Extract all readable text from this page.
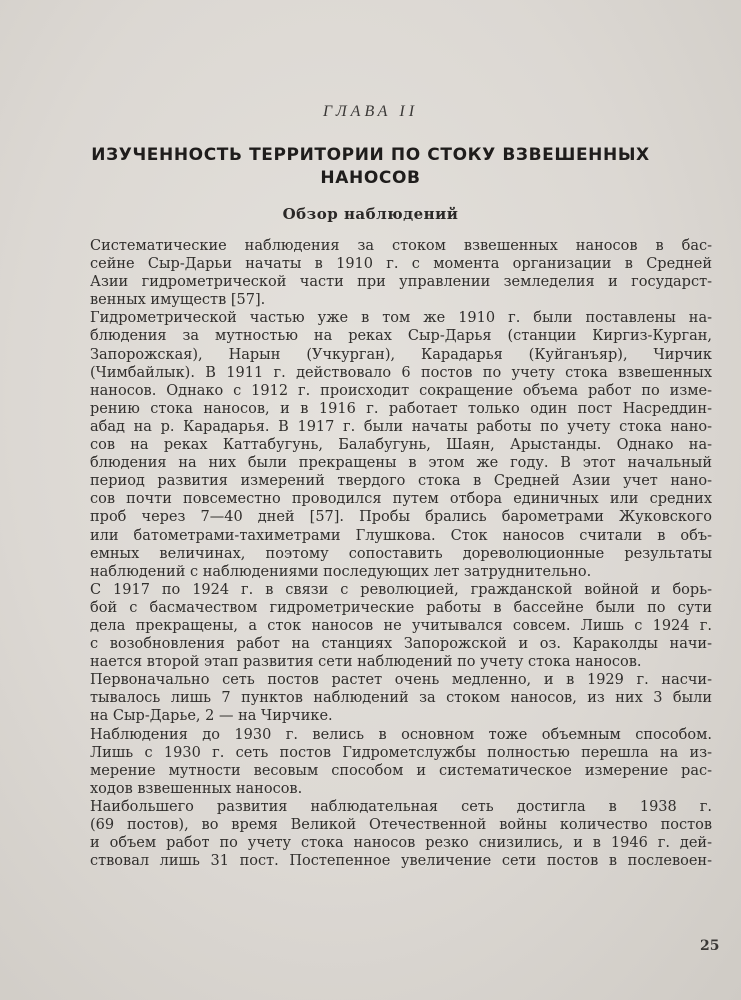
ГЛАВА II
ИЗУЧЕННОСТЬ ТЕРРИТОРИИ ПО СТОКУ ВЗВЕШЕННЫХ НАНОСОВ
Обзор наблюдений
Систематические наблюдения за стоком взвешенных наносов в бас-
сейне Сыр-Дарьи начаты в 1910 г. с момента организации в Средней
Азии гидрометрической части при управлении земледелия и государст-
венных имуществ [57].
Гидрометрической частью уже в том же 1910 г. были поставлены на-
блюдения за мутностью на реках Сыр-Дарья (станции Киргиз-Курган,
Запорожская), Нарын (Учкурган), Карадарья (Куйганъяр), Чирчик
(Чимбайлык). В 1911 г. действовало 6 постов по учету стока взвешенных
наносов. Однако с 1912 г. происходит сокращение объема работ по изме-
рению стока наносов, и в 1916 г. работает только один пост Насреддин-
абад на р. Карадарья. В 1917 г. были начаты работы по учету стока нано-
сов на реках Каттабугунь, Балабугунь, Шаян, Арыстанды. Однако на-
блюдения на них были прекращены в этом же году. В этот начальный
период развития измерений твердого стока в Средней Азии учет нано-
сов почти повсеместно проводился путем отбора единичных или средних
проб через 7—40 дней [57]. Пробы брались барометрами Жуковского
или батометрами-тахиметрами Глушкова. Сток наносов считали в объ-
емных величинах, поэтому сопоставить дореволюционные результаты
наблюдений с наблюдениями последующих лет затруднительно.
С 1917 по 1924 г. в связи с революцией, гражданской войной и борь-
бой с басмачеством гидрометрические работы в бассейне были по сути
дела прекращены, а сток наносов не учитывался совсем. Лишь с 1924 г.
с возобновления работ на станциях Запорожской и оз. Караколды начи-
нается второй этап развития сети наблюдений по учету стока наносов.
Первоначально сеть постов растет очень медленно, и в 1929 г. насчи-
тывалось лишь 7 пунктов наблюдений за стоком наносов, из них 3 были
на Сыр-Дарье, 2 — на Чирчике.
Наблюдения до 1930 г. велись в основном тоже объемным способом.
Лишь с 1930 г. сеть постов Гидрометслужбы полностью перешла на из-
мерение мутности весовым способом и систематическое измерение рас-
ходов взвешенных наносов.
Наибольшего развития наблюдательная сеть достигла в 1938 г.
(69 постов), во время Великой Отечественной войны количество постов
и объем работ по учету стока наносов резко снизились, и в 1946 г. дей-
ствовал лишь 31 пост. Постепенное увеличение сети постов в послевоен-
25
